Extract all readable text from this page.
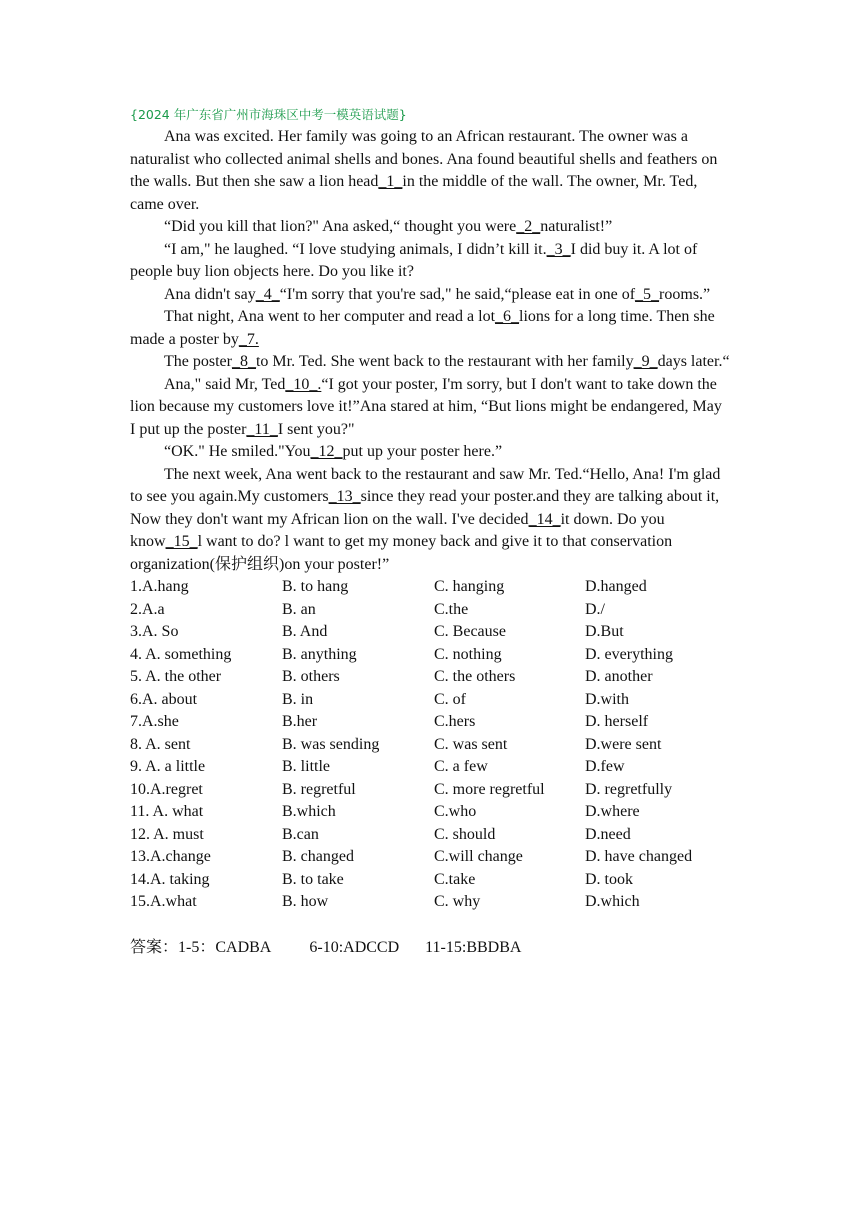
{2024 年广东省广州市海珠区中考一模英语试题}

Ana was excited. Her family was going to an African restaurant. The owner was a naturalist who collected animal shells and bones. Ana found beautiful shells and feathers on the walls. But then she saw a lion head_1_in the middle of the wall. The owner, Mr. Ted, came over.

“Did you kill that lion?" Ana asked,“ thought you were_2_naturalist!”

“I am," he laughed. “I love studying animals, I didn’t kill it._3_I did buy it. A lot of people buy lion objects here. Do you like it?

Ana didn't say_4_“I'm sorry that you're sad," he said,“please eat in one of_5_rooms.”

That night, Ana went to her computer and read a lot_6_lions for a long time. Then she made a poster by_7.

The poster_8_to Mr. Ted. She went back to the restaurant with her family_9_days later.“

Ana," said Mr, Ted_10_.“I got your poster, I'm sorry, but I don't want to take down the lion because my customers love it!”Ana stared at him, “But lions might be endangered, May I put up the poster_11_I sent you?"

“OK." He smiled."You_12_put up your poster here.”

The next week, Ana went back to the restaurant and saw Mr. Ted.“Hello, Ana! I'm glad to see you again.My customers_13_since they read your poster.and they are talking about it, Now they don't want my African lion on the wall. I've decided_14_it down. Do you know_15_l want to do? l want to get my money back and give it to that conservation organization(保护组织)on your poster!”

1.A.hang	B. to hang	C. hanging	D.hanged
2.A.a	B. an	C.the	D./
3.A. So	B. And	C. Because	D.But
4. A. something	B. anything	C. nothing	D. everything
5. A. the other	B. others	C. the others	D. another
6.A. about	B. in	C. of	D.with
7.A.she	B.her	C.hers	D. herself
8. A. sent	B. was sending	C. was sent	D.were sent
9. A. a little	B. little	C. a few	D.few
10.A.regret	B. regretful	C. more regretful	D. regretfully
11. A. what	B.which	C.who	D.where
12. A. must	B.can	C. should	D.need
13.A.change	B. changed	C.will change	D. have changed
14.A. taking	B. to take	C.take	D. took
15.A.what	B. how	C. why	D.which
答案： 1-5：CADBA 6-10:ADCCD 11-15:BBDBA
